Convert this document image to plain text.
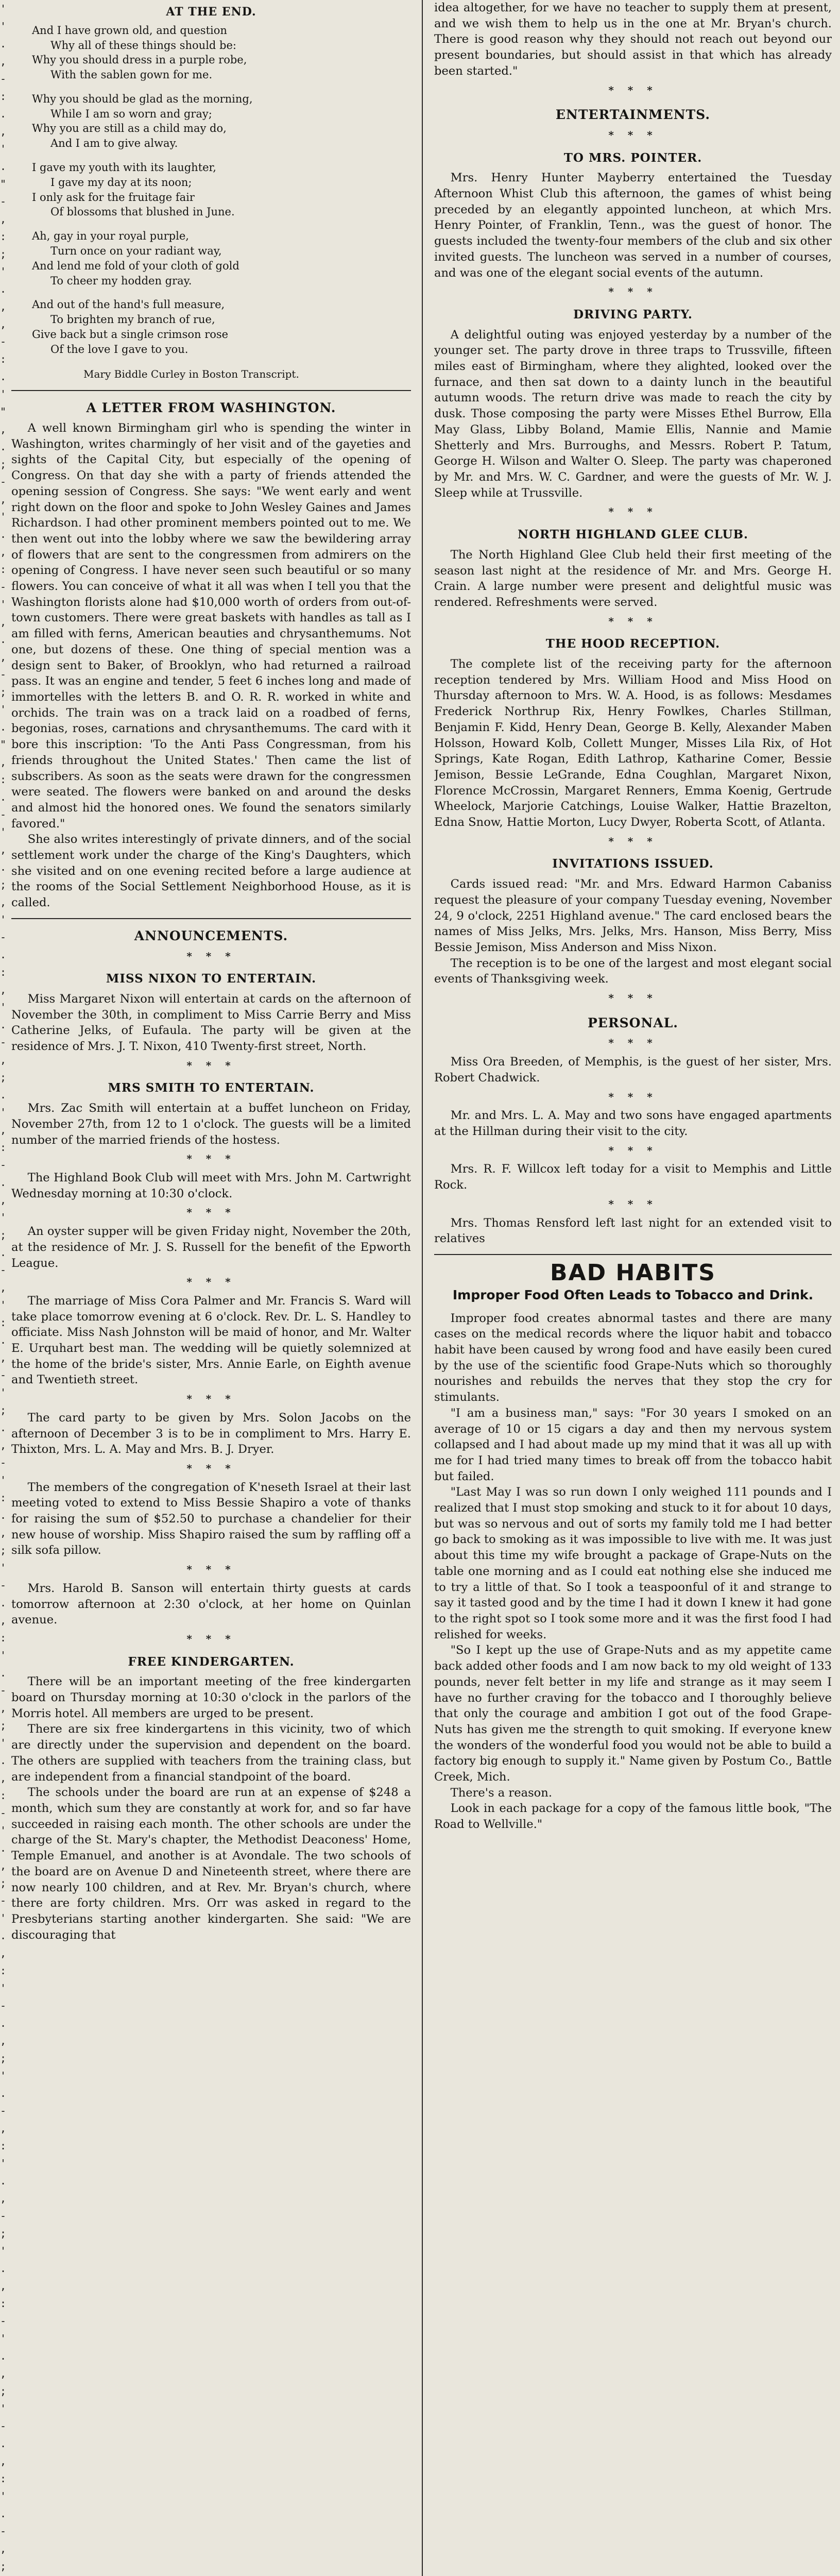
'
'
.
,
-
:
.
,
'
.
"
-
,
:
;
'
.
,
,
-
:
.
'
"
,
.
;
-
,
'
.
,
:
-
'
,
.
,
-
;
'
.
"
,
:
.
-
'
,
.
;
,
'
-
.
:
,
'
.
-
,
;
.
'
,
:
-
.
,
'
;
.
-
,
'
:
.
,
-
'
;
.
,
-
'
:
.
,
;
'
-
.
,
:
'
.
-
,
;
'
.
,
:
-
'
.
,
;
-
'
.
,
:
'
-
.
,
;
'
.
-
,
:
'
.
,
-
;
'
.
,
:
-
'
.
,
;
'
-
.
,
:
'
.
-
,
;

AT THE END.
And I have grown old, and question
Why all of these things should be:
Why you should dress in a purple robe,
With the sablen gown for me.
Why you should be glad as the morning,
While I am so worn and gray;
Why you are still as a child may do,
And I am to give alway.
I gave my youth with its laughter,
I gave my day at its noon;
I only ask for the fruitage fair
Of blossoms that blushed in June.
Ah, gay in your royal purple,
Turn once on your radiant way,
And lend me fold of your cloth of gold
To cheer my hodden gray.
And out of the hand's full measure,
To brighten my branch of rue,
Give back but a single crimson rose
Of the love I gave to you.
Mary Biddle Curley in Boston Transcript.
A LETTER FROM WASHINGTON.

A well known Birmingham girl who is spending the winter in Washington, writes charmingly of her visit and of the gayeties and sights of the Capital City, but especially of the opening of Congress. On that day she with a party of friends attended the opening session of Congress. She says: "We went early and went right down on the floor and spoke to John Wesley Gaines and James Richardson. I had other prominent members pointed out to me. We then went out into the lobby where we saw the bewildering array of flowers that are sent to the congressmen from admirers on the opening of Congress. I have never seen such beautiful or so many flowers. You can conceive of what it all was when I tell you that the Washington florists alone had $10,000 worth of orders from out-of-town customers. There were great baskets with handles as tall as I am filled with ferns, American beauties and chrysanthemums. Not one, but dozens of these. One thing of special mention was a design sent to Baker, of Brooklyn, who had returned a railroad pass. It was an engine and tender, 5 feet 6 inches long and made of immortelles with the letters B. and O. R. R. worked in white and orchids. The train was on a track laid on a roadbed of ferns, begonias, roses, carnations and chrysanthemums. The card with it bore this inscription: 'To the Anti Pass Congressman, from his friends throughout the United States.' Then came the list of subscribers. As soon as the seats were drawn for the congressmen were seated. The flowers were banked on and around the desks and almost hid the honored ones. We found the senators similarly favored."

She also writes interestingly of private dinners, and of the social settlement work under the charge of the King's Daughters, which she visited and on one evening recited before a large audience at the rooms of the Social Settlement Neighborhood House, as it is called.

ANNOUNCEMENTS.
* * *
MISS NIXON TO ENTERTAIN.

Miss Margaret Nixon will entertain at cards on the afternoon of November the 30th, in compliment to Miss Carrie Berry and Miss Catherine Jelks, of Eufaula. The party will be given at the residence of Mrs. J. T. Nixon, 410 Twenty-first street, North.

* * *
MRS SMITH TO ENTERTAIN.

Mrs. Zac Smith will entertain at a buffet luncheon on Friday, November 27th, from 12 to 1 o'clock. The guests will be a limited number of the married friends of the hostess.

* * *

The Highland Book Club will meet with Mrs. John M. Cartwright Wednesday morning at 10:30 o'clock.

* * *

An oyster supper will be given Friday night, November the 20th, at the residence of Mr. J. S. Russell for the benefit of the Epworth League.

* * *

The marriage of Miss Cora Palmer and Mr. Francis S. Ward will take place tomorrow evening at 6 o'clock. Rev. Dr. L. S. Handley to officiate. Miss Nash Johnston will be maid of honor, and Mr. Walter E. Urquhart best man. The wedding will be quietly solemnized at the home of the bride's sister, Mrs. Annie Earle, on Eighth avenue and Twentieth street.

* * *

The card party to be given by Mrs. Solon Jacobs on the afternoon of December 3 is to be in compliment to Mrs. Harry E. Thixton, Mrs. L. A. May and Mrs. B. J. Dryer.

* * *

The members of the congregation of K'neseth Israel at their last meeting voted to extend to Miss Bessie Shapiro a vote of thanks for raising the sum of $52.50 to purchase a chandelier for their new house of worship. Miss Shapiro raised the sum by raffling off a silk sofa pillow.

* * *

Mrs. Harold B. Sanson will entertain thirty guests at cards tomorrow afternoon at 2:30 o'clock, at her home on Quinlan avenue.

* * *
FREE KINDERGARTEN.

There will be an important meeting of the free kindergarten board on Thursday morning at 10:30 o'clock in the parlors of the Morris hotel. All members are urged to be present.

There are six free kindergartens in this vicinity, two of which are directly under the supervision and dependent on the board. The others are supplied with teachers from the training class, but are independent from a financial standpoint of the board.

The schools under the board are run at an expense of $248 a month, which sum they are constantly at work for, and so far have succeeded in raising each month. The other schools are under the charge of the St. Mary's chapter, the Methodist Deaconess' Home, Temple Emanuel, and another is at Avondale. The two schools of the board are on Avenue D and Nineteenth street, where there are now nearly 100 children, and at Rev. Mr. Bryan's church, where there are forty children. Mrs. Orr was asked in regard to the Presbyterians starting another kindergarten. She said: "We are discouraging that

idea altogether, for we have no teacher to supply them at present, and we wish them to help us in the one at Mr. Bryan's church. There is good reason why they should not reach out beyond our present boundaries, but should assist in that which has already been started."

* * *
ENTERTAINMENTS.
* * *
TO MRS. POINTER.

Mrs. Henry Hunter Mayberry entertained the Tuesday Afternoon Whist Club this afternoon, the games of whist being preceded by an elegantly appointed luncheon, at which Mrs. Henry Pointer, of Franklin, Tenn., was the guest of honor. The guests included the twenty-four members of the club and six other invited guests. The luncheon was served in a number of courses, and was one of the elegant social events of the autumn.

* * *
DRIVING PARTY.

A delightful outing was enjoyed yesterday by a number of the younger set. The party drove in three traps to Trussville, fifteen miles east of Birmingham, where they alighted, looked over the furnace, and then sat down to a dainty lunch in the beautiful autumn woods. The return drive was made to reach the city by dusk. Those composing the party were Misses Ethel Burrow, Ella May Glass, Libby Boland, Mamie Ellis, Nannie and Mamie Shetterly and Mrs. Burroughs, and Messrs. Robert P. Tatum, George H. Wilson and Walter O. Sleep. The party was chaperoned by Mr. and Mrs. W. C. Gardner, and were the guests of Mr. W. J. Sleep while at Trussville.

* * *
NORTH HIGHLAND GLEE CLUB.

The North Highland Glee Club held their first meeting of the season last night at the residence of Mr. and Mrs. George H. Crain. A large number were present and delightful music was rendered. Refreshments were served.

* * *
THE HOOD RECEPTION.

The complete list of the receiving party for the afternoon reception tendered by Mrs. William Hood and Miss Hood on Thursday afternoon to Mrs. W. A. Hood, is as follows: Mesdames Frederick Northrup Rix, Henry Fowlkes, Charles Stillman, Benjamin F. Kidd, Henry Dean, George B. Kelly, Alexander Maben Holsson, Howard Kolb, Collett Munger, Misses Lila Rix, of Hot Springs, Kate Rogan, Edith Lathrop, Katharine Comer, Bessie Jemison, Bessie LeGrande, Edna Coughlan, Margaret Nixon, Florence McCrossin, Margaret Renners, Emma Koenig, Gertrude Wheelock, Marjorie Catchings, Louise Walker, Hattie Brazelton, Edna Snow, Hattie Morton, Lucy Dwyer, Roberta Scott, of Atlanta.

* * *
INVITATIONS ISSUED.

Cards issued read: "Mr. and Mrs. Edward Harmon Cabaniss request the pleasure of your company Tuesday evening, November 24, 9 o'clock, 2251 Highland avenue." The card enclosed bears the names of Miss Jelks, Mrs. Jelks, Mrs. Hanson, Miss Berry, Miss Bessie Jemison, Miss Anderson and Miss Nixon.

The reception is to be one of the largest and most elegant social events of Thanksgiving week.

* * *
PERSONAL.
* * *

Miss Ora Breeden, of Memphis, is the guest of her sister, Mrs. Robert Chadwick.

* * *

Mr. and Mrs. L. A. May and two sons have engaged apartments at the Hillman during their visit to the city.

* * *

Mrs. R. F. Willcox left today for a visit to Memphis and Little Rock.

* * *

Mrs. Thomas Rensford left last night for an extended visit to relatives

BAD HABITS
Improper Food Often Leads to Tobacco and Drink.

Improper food creates abnormal tastes and there are many cases on the medical records where the liquor habit and tobacco habit have been caused by wrong food and have easily been cured by the use of the scientific food Grape-Nuts which so thoroughly nourishes and rebuilds the nerves that they stop the cry for stimulants.

"I am a business man," says: "For 30 years I smoked on an average of 10 or 15 cigars a day and then my nervous system collapsed and I had about made up my mind that it was all up with me for I had tried many times to break off from the tobacco habit but failed.

"Last May I was so run down I only weighed 111 pounds and I realized that I must stop smoking and stuck to it for about 10 days, but was so nervous and out of sorts my family told me I had better go back to smoking as it was impossible to live with me. It was just about this time my wife brought a package of Grape-Nuts on the table one morning and as I could eat nothing else she induced me to try a little of that. So I took a teaspoonful of it and strange to say it tasted good and by the time I had it down I knew it had gone to the right spot so I took some more and it was the first food I had relished for weeks.

"So I kept up the use of Grape-Nuts and as my appetite came back added other foods and I am now back to my old weight of 133 pounds, never felt better in my life and strange as it may seem I have no further craving for the tobacco and I thoroughly believe that only the courage and ambition I got out of the food Grape-Nuts has given me the strength to quit smoking. If everyone knew the wonders of the wonderful food you would not be able to build a factory big enough to supply it." Name given by Postum Co., Battle Creek, Mich.

There's a reason.

Look in each package for a copy of the famous little book, "The Road to Wellville."
